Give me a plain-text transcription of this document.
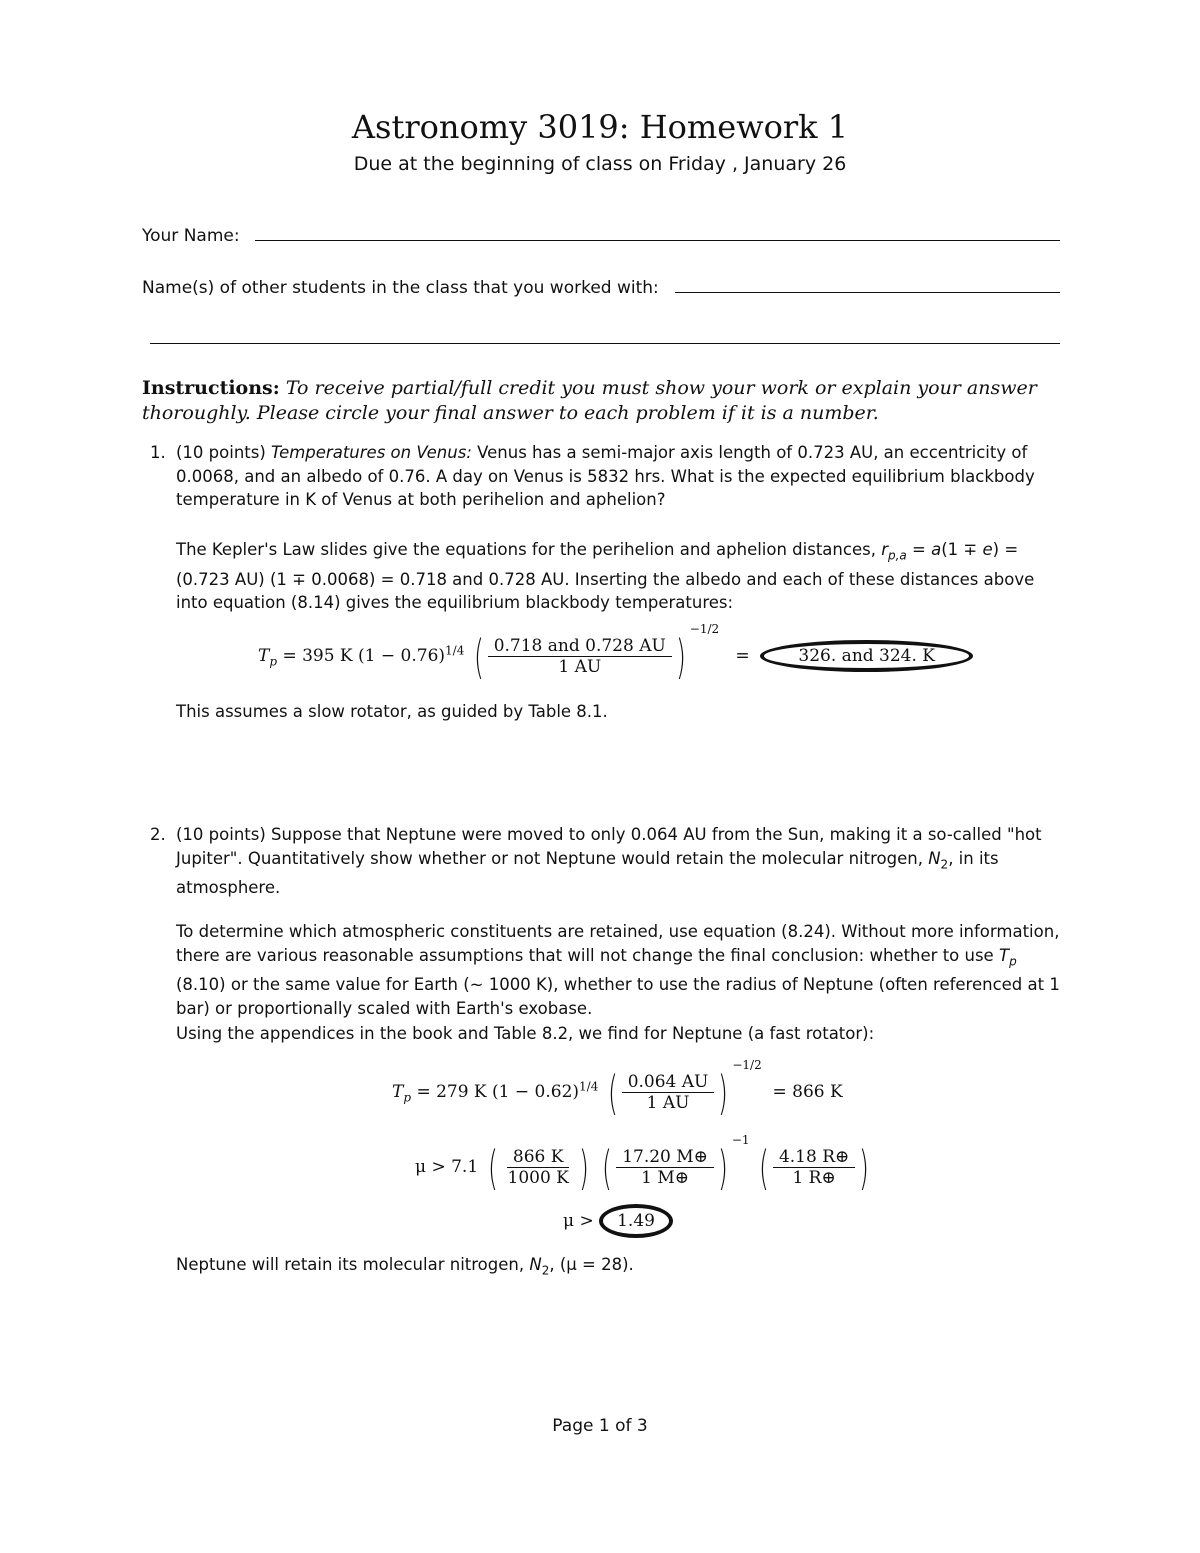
Astronomy 3019: Homework 1
Due at the beginning of class on Friday , January 26
Your Name:
Name(s) of other students in the class that you worked with:
Instructions: To receive partial/full credit you must show your work or explain your answer thoroughly. Please circle your final answer to each problem if it is a number.
1. (10 points) Temperatures on Venus: Venus has a semi-major axis length of 0.723 AU, an eccentricity of 0.0068, and an albedo of 0.76. A day on Venus is 5832 hrs. What is the expected equilibrium blackbody temperature in K of Venus at both perihelion and aphelion?
The Kepler's Law slides give the equations for the perihelion and aphelion distances, $r_{p,a} = a(1 \mp e) = (0.723$ AU) (1 ∓ 0.0068) = 0.718 and 0.728 AU. Inserting the albedo and each of these distances above into equation (8.14) gives the equilibrium blackbody temperatures:
$T_p = 395$ K $(1 - 0.76)^{1/4}$ ( $\frac{\text{0.718 and 0.728 AU}}{1 AU} )^{-1/2} = 326$. and 324. K
This assumes a slow rotator, as guided by Table 8.1.
2. (10 points) Suppose that Neptune were moved to only 0.064 AU from the Sun, making it a so-called "hot Jupiter". Quantitatively show whether or not Neptune would retain the molecular nitrogen, $N_2$, in its atmosphere.
To determine which atmospheric constituents are retained, use equation (8.24). Without more information, there are various reasonable assumptions that will not change the final conclusion: whether to use $T_p$ (8.10) or the same value for Earth (∼ 1000 K), whether to use the radius of Neptune (often referenced at 1 bar) or proportionally scaled with Earth's exobase.
Using the appendices in the book and Table 8.2, we find for Neptune (a fast rotator):
$T_p = 279$ K $(1 - 0.62)^{1/4}$ ( $\frac{0.064 AU}{1 AU} )^{-1/2} = 866$ K
μ > 7.1 ( $\frac{866 K}{1000 K}$ ) ( $\frac{17.20 M\oplus}{1 M\oplus} )^{-1}$ ( $\frac{4.18 R\oplus}{1 R\oplus}$ )
μ > 1.49
Neptune will retain its molecular nitrogen, $N_2$, (μ = 28).
Page 1 of 3
